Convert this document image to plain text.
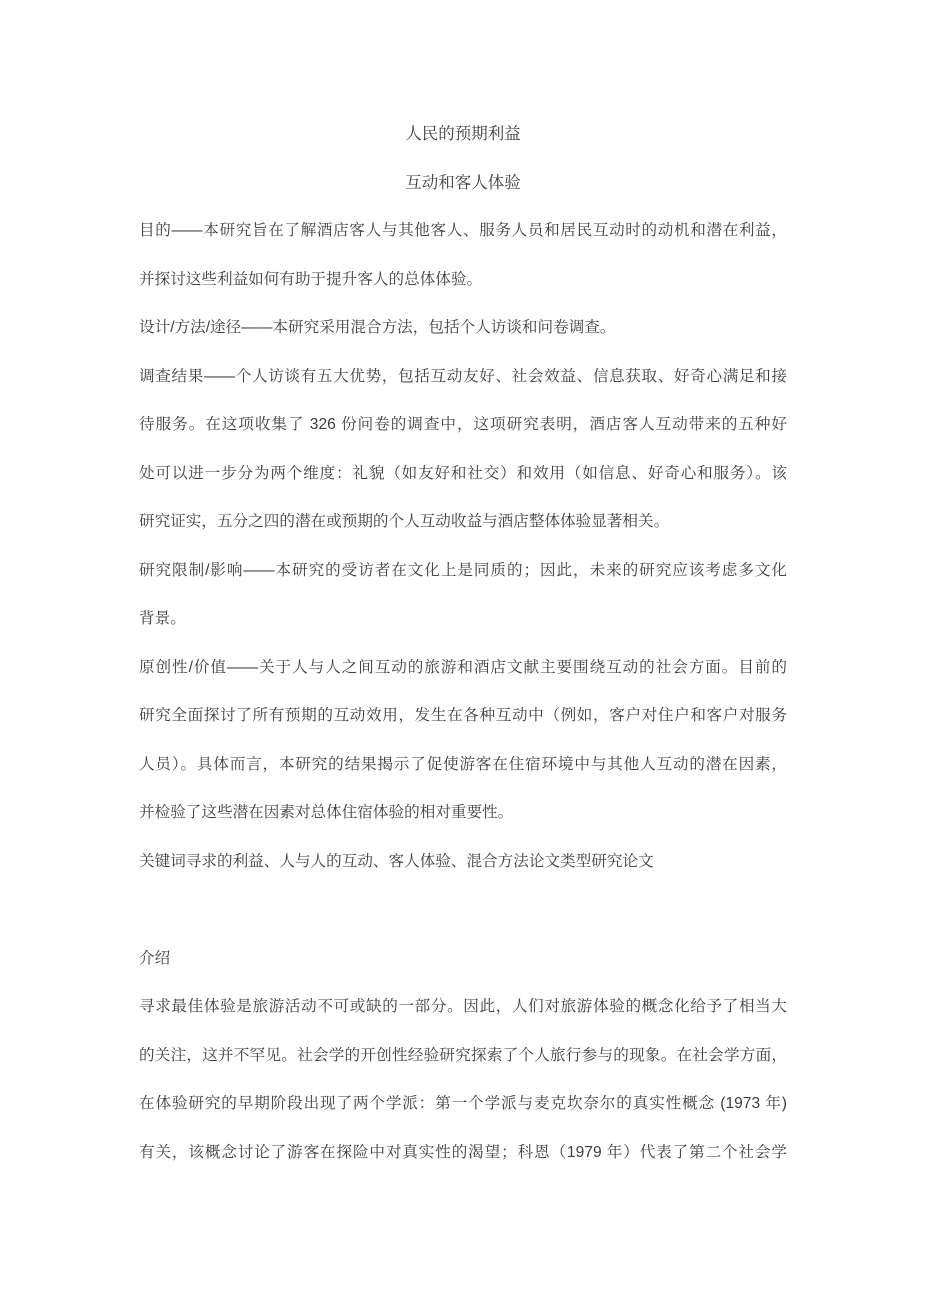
人民的预期利益
互动和客人体验
目的——本研究旨在了解酒店客人与其他客人、服务人员和居民互动时的动机和潜在利益，
并探讨这些利益如何有助于提升客人的总体体验。
设计/方法/途径——本研究采用混合方法，包括个人访谈和问卷调查。
调查结果——个人访谈有五大优势，包括互动友好、社会效益、信息获取、好奇心满足和接
待服务。在这项收集了 326 份问卷的调查中，这项研究表明，酒店客人互动带来的五种好
处可以进一步分为两个维度：礼貌（如友好和社交）和效用（如信息、好奇心和服务）。该
研究证实，五分之四的潜在或预期的个人互动收益与酒店整体体验显著相关。
研究限制/影响——本研究的受访者在文化上是同质的；因此，未来的研究应该考虑多文化
背景。
原创性/价值——关于人与人之间互动的旅游和酒店文献主要围绕互动的社会方面。目前的
研究全面探讨了所有预期的互动效用，发生在各种互动中（例如，客户对住户和客户对服务
人员）。具体而言，本研究的结果揭示了促使游客在住宿环境中与其他人互动的潜在因素，
并检验了这些潜在因素对总体住宿体验的相对重要性。
关键词寻求的利益、人与人的互动、客人体验、混合方法论文类型研究论文
介绍
寻求最佳体验是旅游活动不可或缺的一部分。因此，人们对旅游体验的概念化给予了相当大
的关注，这并不罕见。社会学的开创性经验研究探索了个人旅行参与的现象。在社会学方面，
在体验研究的早期阶段出现了两个学派：第一个学派与麦克坎奈尔的真实性概念 (1973 年)
有关，该概念讨论了游客在探险中对真实性的渴望；科恩（1979 年）代表了第二个社会学
